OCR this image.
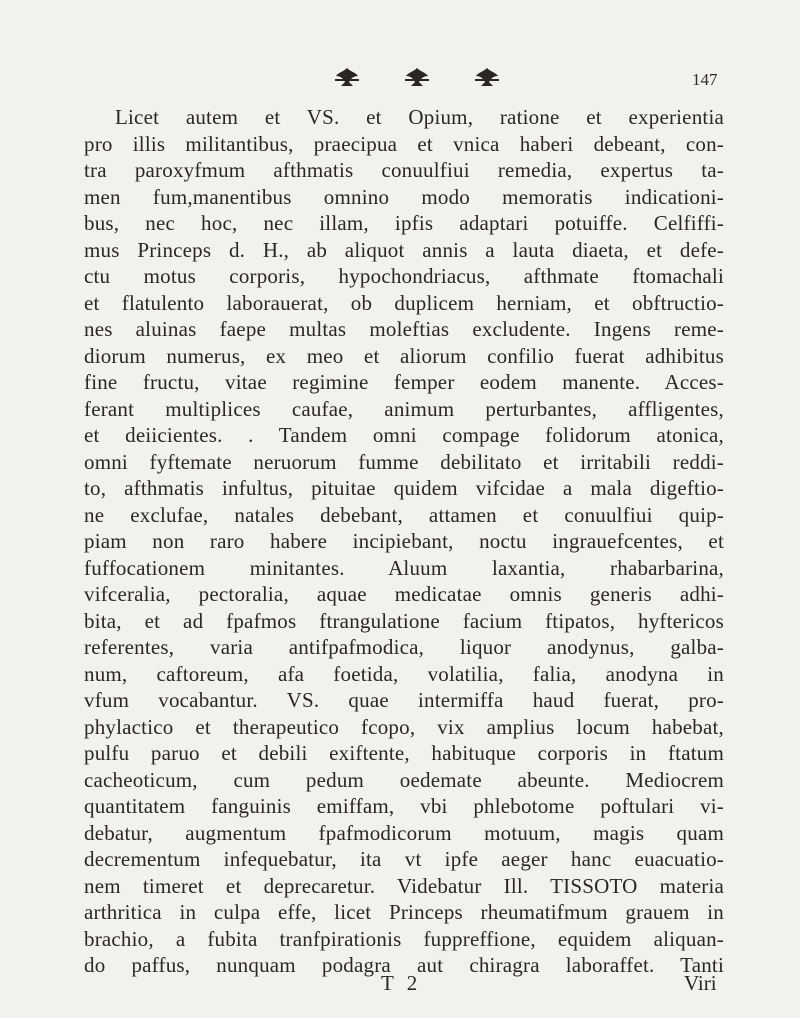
147
Licet autem et VS. et Opium, ratione et experientia
pro illis militantibus, praecipua et vnica haberi debeant, con-
tra paroxyfmum afthmatis conuulfiui remedia, expertus ta-
men fum,manentibus omnino modo memoratis indicationi-
bus, nec hoc, nec illam, ipfis adaptari potuiffe. Celfiffi-
mus Princeps d. H., ab aliquot annis a lauta diaeta, et defe-
ctu motus corporis, hypochondriacus, afthmate ftomachali
et flatulento laborauerat, ob duplicem herniam, et obftructio-
nes aluinas faepe multas moleftias excludente. Ingens reme-
diorum numerus, ex meo et aliorum confilio fuerat adhibitus
fine fructu, vitae regimine femper eodem manente. Acces-
ferant multiplices caufae, animum perturbantes, affligentes,
et deiicientes. . Tandem omni compage folidorum atonica,
omni fyftemate neruorum fumme debilitato et irritabili reddi-
to, afthmatis infultus, pituitae quidem vifcidae a mala digeftio-
ne exclufae, natales debebant, attamen et conuulfiui quip-
piam non raro habere incipiebant, noctu ingrauefcentes, et
fuffocationem minitantes. Aluum laxantia, rhabarbarina,
vifceralia, pectoralia, aquae medicatae omnis generis adhi-
bita, et ad fpafmos ftrangulatione facium ftipatos, hyftericos
referentes, varia antifpafmodica, liquor anodynus, galba-
num, caftoreum, afa foetida, volatilia, falia, anodyna in
vfum vocabantur. VS. quae intermiffa haud fuerat, pro-
phylactico et therapeutico fcopo, vix amplius locum habebat,
pulfu paruo et debili exiftente, habituque corporis in ftatum
cacheoticum, cum pedum oedemate abeunte. Mediocrem
quantitatem fanguinis emiffam, vbi phlebotome poftulari vi-
debatur, augmentum fpafmodicorum motuum, magis quam
decrementum infequebatur, ita vt ipfe aeger hanc euacuatio-
nem timeret et deprecaretur. Videbatur Ill. TISSOTO materia
arthritica in culpa effe, licet Princeps rheumatifmum grauem in
brachio, a fubita tranfpirationis fuppreffione, equidem aliquan-
do paffus, nunquam podagra aut chiragra laboraffet. Tanti
T 2	Viri
